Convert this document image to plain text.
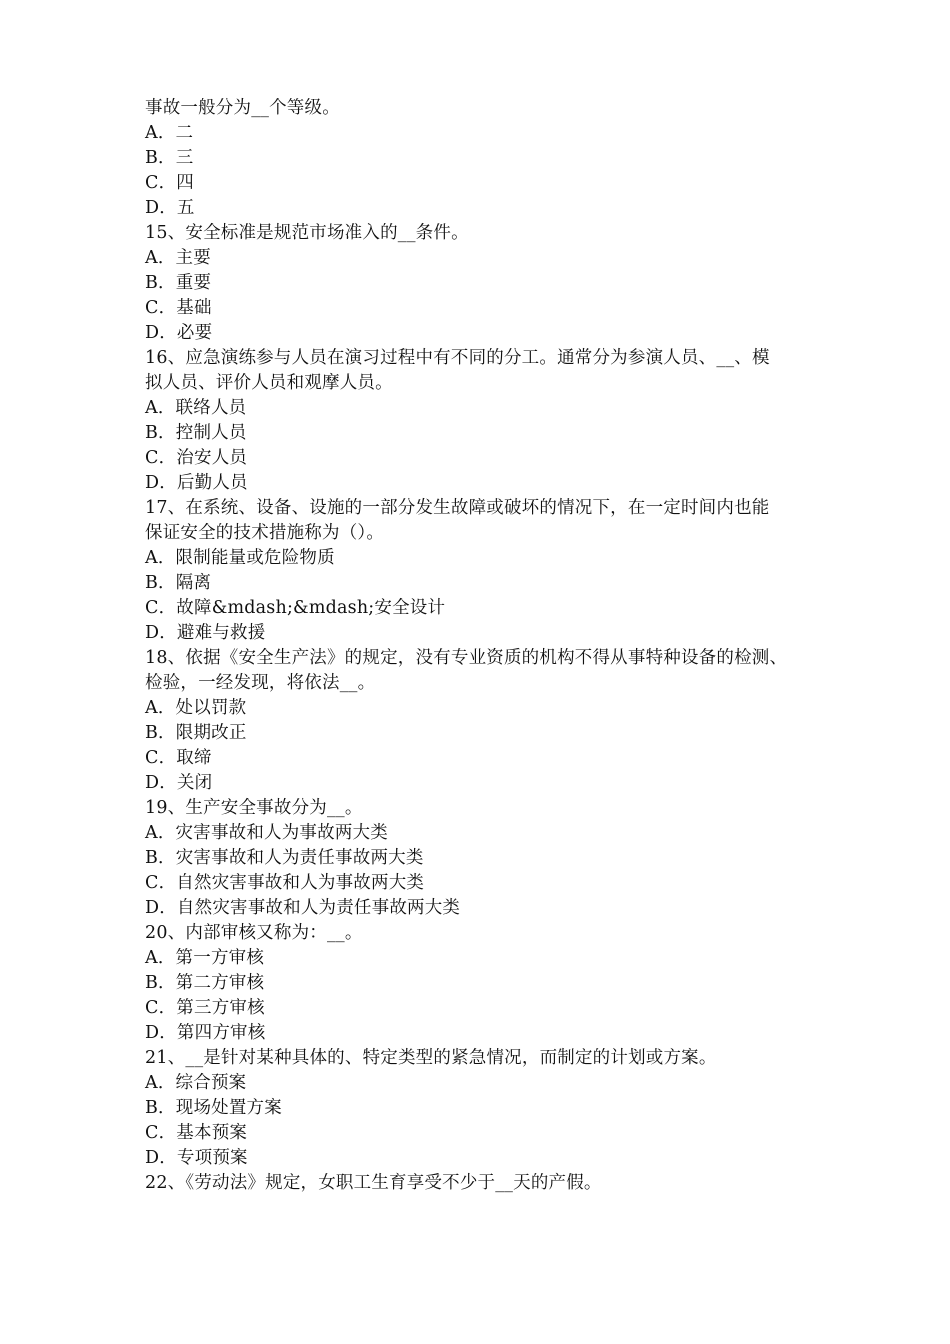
事故一般分为__个等级。
A．二
B．三
C．四
D．五
15、安全标准是规范市场准入的__条件。
A．主要
B．重要
C．基础
D．必要
16、应急演练参与人员在演习过程中有不同的分工。通常分为参演人员、__、模
拟人员、评价人员和观摩人员。
A．联络人员
B．控制人员
C．治安人员
D．后勤人员
17、在系统、设备、设施的一部分发生故障或破坏的情况下，在一定时间内也能
保证安全的技术措施称为（）。
A．限制能量或危险物质
B．隔离
C．故障&mdash;&mdash;安全设计
D．避难与救援
18、依据《安全生产法》的规定，没有专业资质的机构不得从事特种设备的检测、
检验，一经发现，将依法__。
A．处以罚款
B．限期改正
C．取缔
D．关闭
19、生产安全事故分为__。
A．灾害事故和人为事故两大类
B．灾害事故和人为责任事故两大类
C．自然灾害事故和人为事故两大类
D．自然灾害事故和人为责任事故两大类
20、内部审核又称为：__。
A．第一方审核
B．第二方审核
C．第三方审核
D．第四方审核
21、__是针对某种具体的、特定类型的紧急情况，而制定的计划或方案。
A．综合预案
B．现场处置方案
C．基本预案
D．专项预案
22、《劳动法》规定，女职工生育享受不少于__天的产假。
